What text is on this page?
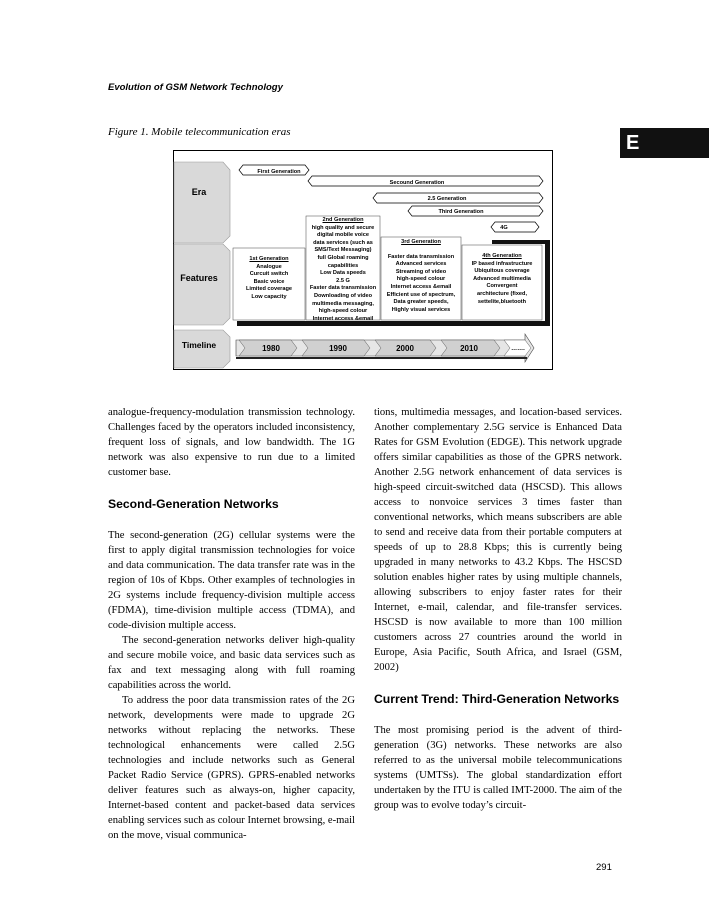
Evolution of GSM Network Technology
Figure 1. Mobile telecommunication eras	E
Era
First Generation
Secound Generation
2.5 Generation
Third Generation
4G
Features
1st Generation
Analogue
Curcuit switch
Basic voice
Limited coverage
Low capacity
2nd Generation
high quality and secure
digital mobile voice
data services (such as
SMS/Text Messaging)
full Global roaming
capabilities
Low Data speeds
2.5 G
Faster data transmission
Downloading of video
multimedia messaging,
high-speed colour
Internet access &email
3rd Generation
Faster data transmission
Advanced services
Streaming of video
high-speed colour
Internet access &email
Efficient use of spectrum,
Data greater speeds,
Highly visual services
4th Generation
IP based infrastructure
Ubiquitous coverage
Advanced multimedia
Convergent
architecture (fixed,
settelite,bluetooth
Timeline	1980	1990	2000	2010	…….

analogue-frequency-modulation transmission technology. Challenges faced by the operators included inconsistency, frequent loss of signals, and low bandwidth. The 1G network was also expensive to run due to a limited customer base.

Second-Generation Networks

The second-generation (2G) cellular systems were the first to apply digital transmission technologies for voice and data communication. The data transfer rate was in the region of 10s of Kbps. Other examples of technologies in 2G systems include frequency-division multiple access (FDMA), time-division multiple access (TDMA), and code-division multiple access.

The second-generation networks deliver high-quality and secure mobile voice, and basic data services such as fax and text messaging along with full roaming capabilities across the world.

To address the poor data transmission rates of the 2G network, developments were made to upgrade 2G networks without replacing the networks. These technological enhancements were called 2.5G technologies and include networks such as General Packet Radio Service (GPRS). GPRS-enabled networks deliver features such as always-on, higher capacity, Internet-based content and packet-based data services enabling services such as colour Internet browsing, e-mail on the move, visual communica-

tions, multimedia messages, and location-based services. Another complementary 2.5G service is Enhanced Data Rates for GSM Evolution (EDGE). This network upgrade offers similar capabilities as those of the GPRS network. Another 2.5G network enhancement of data services is high-speed circuit-switched data (HSCSD). This allows access to nonvoice services 3 times faster than conventional networks, which means subscribers are able to send and receive data from their portable computers at speeds of up to 28.8 Kbps; this is currently being upgraded in many networks to 43.2 Kbps. The HSCSD solution enables higher rates by using multiple channels, allowing subscribers to enjoy faster rates for their Internet, e-mail, calendar, and file-transfer services. HSCSD is now available to more than 100 million customers across 27 countries around the world in Europe, Asia Pacific, South Africa, and Israel (GSM, 2002)

Current Trend: Third-Generation Networks

The most promising period is the advent of third-generation (3G) networks. These networks are also referred to as the universal mobile telecommunications systems (UMTSs). The global standardization effort undertaken by the ITU is called IMT-2000. The aim of the group was to evolve today’s circuit-

291
